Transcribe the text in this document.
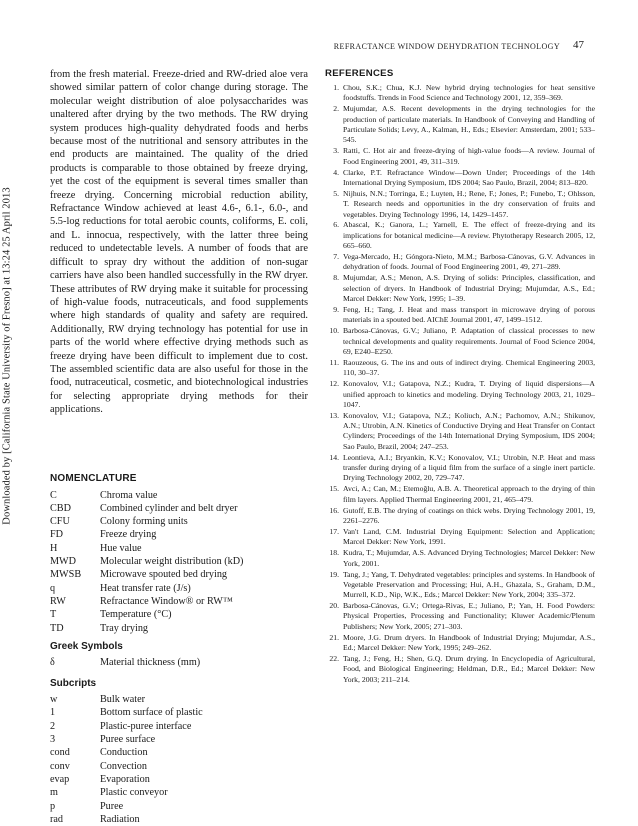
Downloaded by [California State University of Fresno] at 13:24 25 April 2013
REFRACTANCE WINDOW DEHYDRATION TECHNOLOGY 47

from the fresh material. Freeze-dried and RW-dried aloe vera showed similar pattern of color change during storage. The molecular weight distribution of aloe polysaccharides was unaltered after drying by the two methods. The RW drying system produces high-quality dehydrated foods and herbs because most of the nutritional and sensory attributes in the end products are maintained. The quality of the dried products is comparable to those obtained by freeze drying, yet the cost of the equipment is several times smaller than freeze drying. Concerning microbial reduction ability, Refractance Window achieved at least 4.6-, 6.1-, 6.0-, and 5.5-log reductions for total aerobic counts, coliforms, E. coli, and L. innocua, respectively, with the latter three being reduced to undetectable levels. A number of foods that are difficult to spray dry without the addition of non-sugar carriers have also been handled successfully in the RW dryer. These attributes of RW drying make it suitable for processing of high-value foods, nutraceuticals, and food supplements where high standards of quality and safety are required. Additionally, RW drying technology has potential for use in parts of the world where effective drying methods such as freeze drying have been difficult to implement due to cost. The assembled scientific data are also useful for those in the food, nutraceutical, cosmetic, and biotechnological industries for selecting appropriate drying methods for their applications.

NOMENCLATURE
C	Chroma value
CBD	Combined cylinder and belt dryer
CFU	Colony forming units
FD	Freeze drying
H	Hue value
MWD	Molecular weight distribution (kD)
MWSB	Microwave spouted bed drying
q	Heat transfer rate (J/s)
RW	Refractance Window® or RW™
T	Temperature (°C)
TD	Tray drying
Greek Symbols
δ	Material thickness (mm)
Subcripts
w	Bulk water
1	Bottom surface of plastic
2	Plastic-puree interface
3	Puree surface
cond	Conduction
conv	Convection
evap	Evaporation
m	Plastic conveyor
p	Puree
rad	Radiation
REFERENCES
1. Chou, S.K.; Chua, K.J. New hybrid drying technologies for heat sensitive foodstuffs. Trends in Food Science and Technology 2001, 12, 359–369.
2. Mujumdar, A.S. Recent developments in the drying technologies for the production of particulate materials. In Handbook of Conveying and Handling of Particulate Solids; Levy, A., Kalman, H., Eds.; Elsevier: Amsterdam, 2001; 533–545.
3. Ratti, C. Hot air and freeze-drying of high-value foods—A review. Journal of Food Engineering 2001, 49, 311–319.
4. Clarke, P.T. Refractance Window—Down Under; Proceedings of the 14th International Drying Symposium, IDS 2004; Sao Paulo, Brazil, 2004; 813–820.
5. Nijhuis, N.N.; Torringa, E.; Luyten, H.; Rene, F.; Jones, P.; Funebo, T.; Ohlsson, T. Research needs and opportunities in the dry conservation of fruits and vegetables. Drying Technology 1996, 14, 1429–1457.
6. Abascal, K.; Ganora, L.; Yarnell, E. The effect of freeze-drying and its implications for botanical medicine—A review. Phytotherapy Research 2005, 12, 665–660.
7. Vega-Mercado, H.; Góngora-Nieto, M.M.; Barbosa-Cánovas, G.V. Advances in dehydration of foods. Journal of Food Engineering 2001, 49, 271–289.
8. Mujumdar, A.S.; Menon, A.S. Drying of solids: Principles, classification, and selection of dryers. In Handbook of Industrial Drying; Mujumdar, A.S., Ed.; Marcel Dekker: New York, 1995; 1–39.
9. Feng, H.; Tang, J. Heat and mass transport in microwave drying of porous materials in a spouted bed. AIChE Journal 2001, 47, 1499–1512.
10. Barbosa-Cánovas, G.V.; Juliano, P. Adaptation of classical processes to new technical developments and quality requirements. Journal of Food Science 2004, 69, E240–E250.
11. Raouzeous, G. The ins and outs of indirect drying. Chemical Engineering 2003, 110, 30–37.
12. Konovalov, V.I.; Gatapova, N.Z.; Kudra, T. Drying of liquid dispersions—A unified approach to kinetics and modeling. Drying Technology 2003, 21, 1029–1047.
13. Konovalov, V.I.; Gatapova, N.Z.; Koliuch, A.N.; Pachomov, A.N.; Shikunov, A.N.; Utrobin, A.N. Kinetics of Conductive Drying and Heat Transfer on Contact Cylinders; Proceedings of the 14th International Drying Symposium, IDS 2004; Sao Paulo, Brazil, 2004; 247–253.
14. Leontieva, A.I.; Bryankin, K.V.; Konovalov, V.I.; Utrobin, N.P. Heat and mass transfer during drying of a liquid film from the surface of a single inert particle. Drying Technology 2002, 20, 729–747.
15. Avci, A.; Can, M.; Etemoğlu, A.B. A. Theoretical approach to the drying of thin film layers. Applied Thermal Engineering 2001, 21, 465–479.
16. Gutoff, E.B. The drying of coatings on thick webs. Drying Technology 2001, 19, 2261–2276.
17. Van't Land, C.M. Industrial Drying Equipment: Selection and Application; Marcel Dekker: New York, 1991.
18. Kudra, T.; Mujumdar, A.S. Advanced Drying Technologies; Marcel Dekker: New York, 2001.
19. Tang, J.; Yang, T. Dehydrated vegetables: principles and systems. In Handbook of Vegetable Preservation and Processing; Hui, A.H., Ghazala, S., Graham, D.M., Murrell, K.D., Nip, W.K., Eds.; Marcel Dekker: New York, 2004; 335–372.
20. Barbosa-Cánovas, G.V.; Ortega-Rivas, E.; Juliano, P.; Yan, H. Food Powders: Physical Properties, Processing and Functionality; Kluwer Academic/Plenum Publishers; New York, 2005; 271–303.
21. Moore, J.G. Drum dryers. In Handbook of Industrial Drying; Mujumdar, A.S., Ed.; Marcel Dekker: New York, 1995; 249–262.
22. Tang, J.; Feng, H.; Shen, G.Q. Drum drying. In Encyclopedia of Agricultural, Food, and Biological Engineering; Heldman, D.R., Ed.; Marcel Dekker: New York, 2003; 211–214.
